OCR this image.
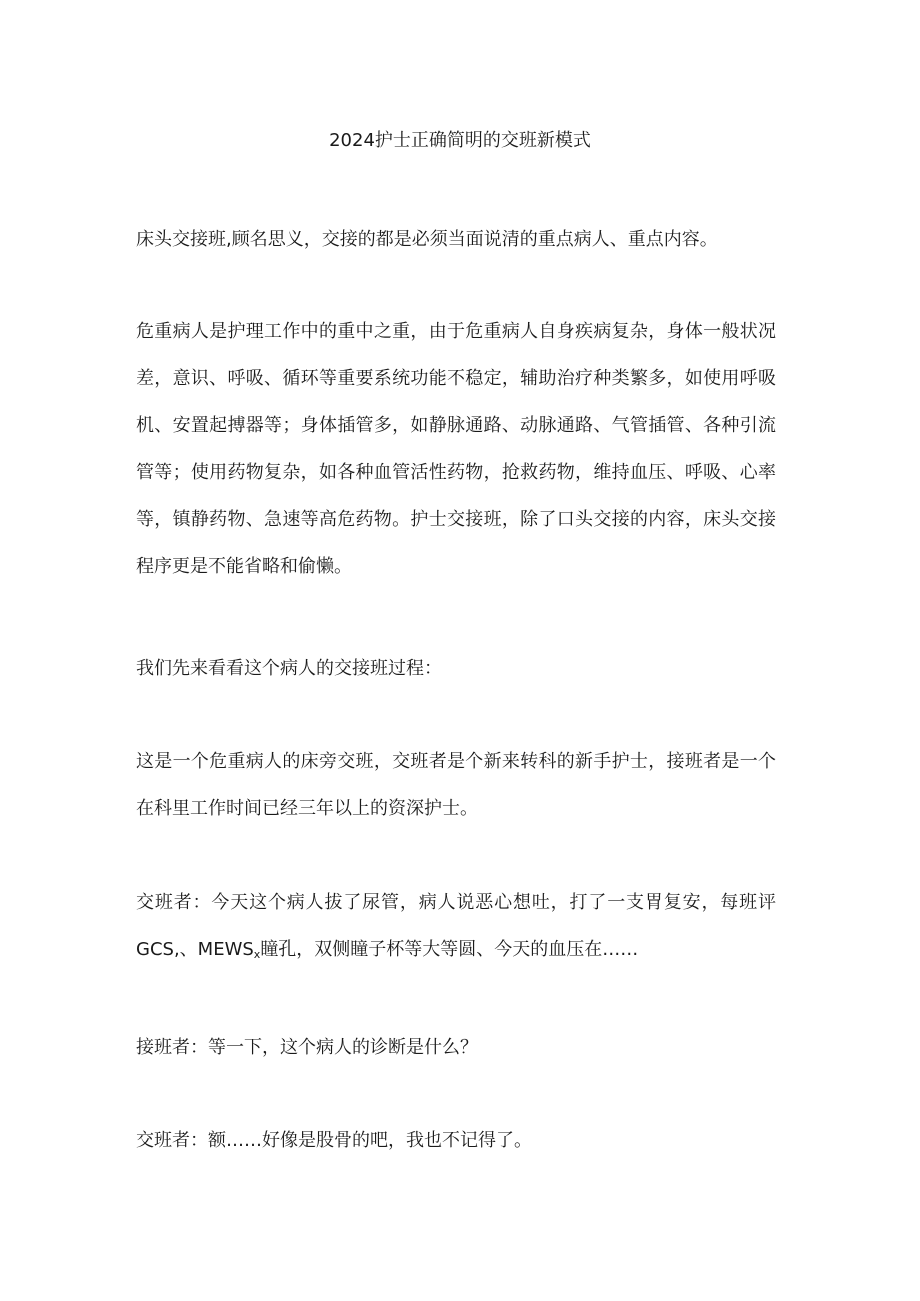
2024护士正确简明的交班新模式

床头交接班,顾名思义，交接的都是必须当面说清的重点病人、重点内容。

危重病人是护理工作中的重中之重，由于危重病人自身疾病复杂，身体一般状况差，意识、呼吸、循环等重要系统功能不稳定，辅助治疗种类繁多，如使用呼吸机、安置起搏器等；身体插管多，如静脉通路、动脉通路、气管插管、各种引流管等；使用药物复杂，如各种血管活性药物，抢救药物，维持血压、呼吸、心率等，镇静药物、急速等高危药物。护士交接班，除了口头交接的内容，床头交接程序更是不能省略和偷懒。

我们先来看看这个病人的交接班过程：

这是一个危重病人的床旁交班，交班者是个新来转科的新手护士，接班者是一个在科里工作时间已经三年以上的资深护士。

交班者：今天这个病人拔了尿管，病人说恶心想吐，打了一支胃复安，每班评GCS,、$MEWS_x$瞳孔，双侧瞳子杯等大等圆、今天的血压在……

接班者：等一下，这个病人的诊断是什么？

交班者：额……好像是股骨的吧，我也不记得了。
